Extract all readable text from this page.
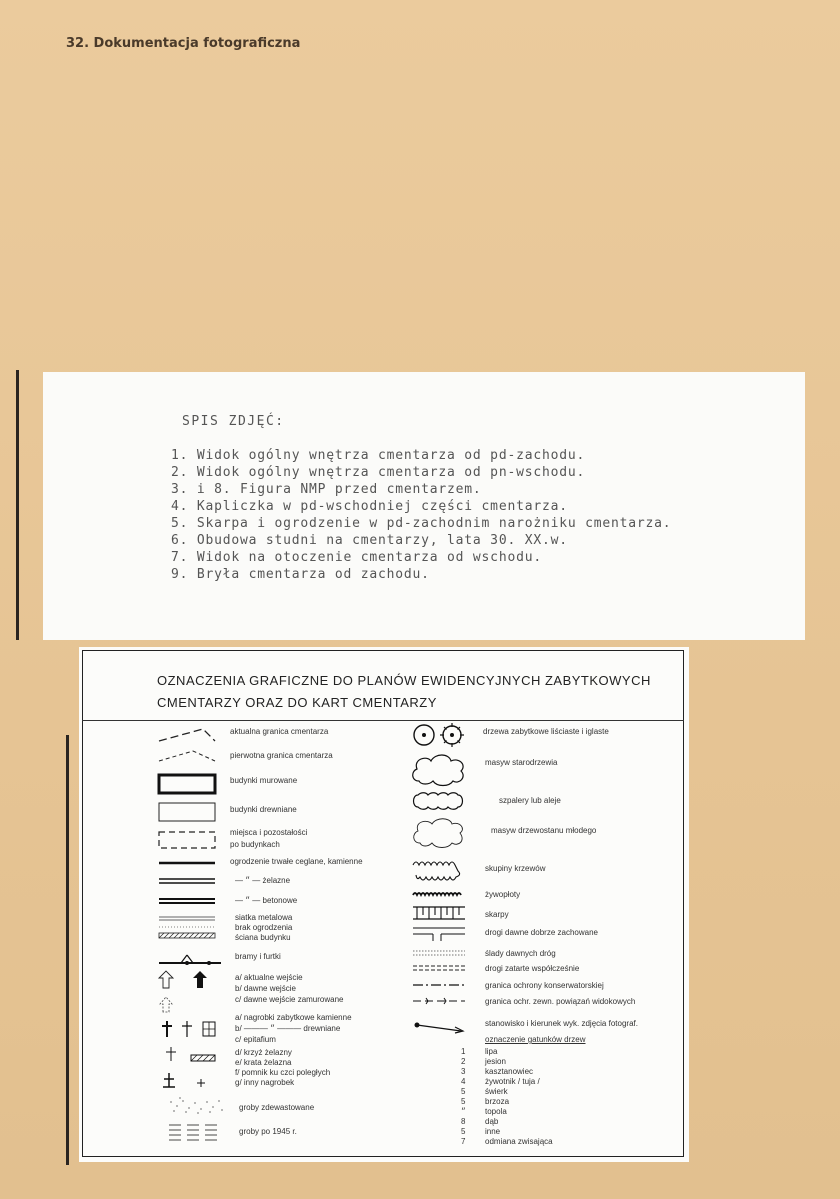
32. Dokumentacja fotograficzna
SPIS ZDJĘĆ:
1. Widok ogólny wnętrza cmentarza od pd-zachodu.
2. Widok ogólny wnętrza cmentarza od pn-wschodu.
3. i 8. Figura NMP przed cmentarzem.
4. Kapliczka w pd-wschodniej części cmentarza.
5. Skarpa i ogrodzenie w pd-zachodnim narożniku cmentarza.
6. Obudowa studni na cmentarzy, lata 30. XX.w.
7. Widok na otoczenie cmentarza od wschodu.
9. Bryła cmentarza od zachodu.
OZNACZENIA GRAFICZNE DO PLANÓW EWIDENCYJNYCH ZABYTKOWYCH
CMENTARZY ORAZ DO KART CMENTARZY
aktualna granica cmentarza
pierwotna granica cmentarza
budynki murowane
budynki drewniane
miejsca i pozostałości
po budynkach
ogrodzenie trwałe ceglane, kamienne
— ״ — żelazne
— ״ — betonowe
siatka metalowa
brak ogrodzenia
ściana budynku
bramy i furtki
a/ aktualne wejście
b/ dawne wejście
c/ dawne wejście zamurowane
a/ nagrobki zabytkowe kamienne
b/ ——— ״ ——— drewniane
c/ epitafium
d/ krzyż żelazny
e/ krata żelazna
f/ pomnik ku czci poległych
g/ inny nagrobek
groby zdewastowane
groby po 1945 r.
drzewa zabytkowe liściaste i iglaste
masyw starodrzewia
szpalery lub aleje
masyw drzewostanu młodego
skupiny krzewów
żywopłoty
skarpy
drogi dawne dobrze zachowane
ślady dawnych dróg
drogi zatarte współcześnie
granica ochrony konserwatorskiej
granica ochr. zewn. powiązań widokowych
stanowisko i kierunek wyk. zdjęcia fotograf.
oznaczenie gatunków drzew
1 lipa
2 jesion
3 kasztanowiec
4 żywotnik / tuja /
5 świerk
5 brzoza
״ topola
8 dąb
5 inne
7 odmiana zwisająca
